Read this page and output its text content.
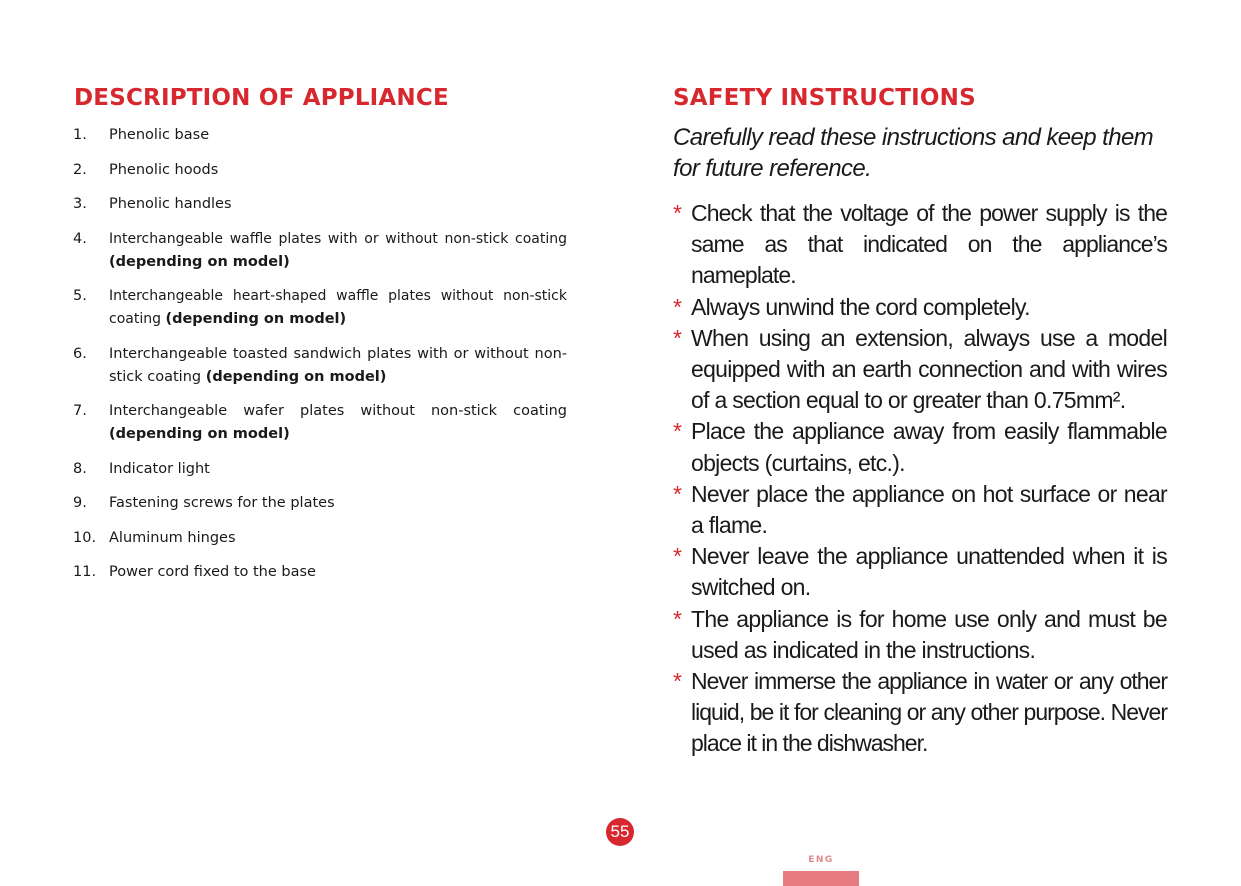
DESCRIPTION OF APPLIANCE
1.	Phenolic base
2.	Phenolic hoods
3.	Phenolic handles
4.	Interchangeable waffle plates with or without non-stick coating (depending on model)
5.	Interchangeable heart-shaped waffle plates without non-stick coating (depending on model)
6.	Interchangeable toasted sandwich plates with or without non-stick coating (depending on model)
7.	Interchangeable wafer plates without non-stick coating (depending on model)
8.	Indicator light
9.	Fastening screws for the plates
10. Aluminum hinges
11. Power cord fixed to the base
SAFETY INSTRUCTIONS

Carefully read these instructions and keep them for future reference.

* Check that the voltage of the power supply is the same as that indicated on the appliance’s nameplate.
* Always unwind the cord completely.
* When using an extension, always use a model equipped with an earth connection and with wires of a section equal to or greater than 0.75mm².
* Place the appliance away from easily flammable objects (curtains, etc.).
* Never place the appliance on hot surface or near a flame.
* Never leave the appliance unattended when it is switched on.
* The appliance is for home use only and must be used as indicated in the instructions.
* Never immerse the appliance in water or any other liquid, be it for cleaning or any other purpose. Never place it in the dishwasher.
55
ENG
